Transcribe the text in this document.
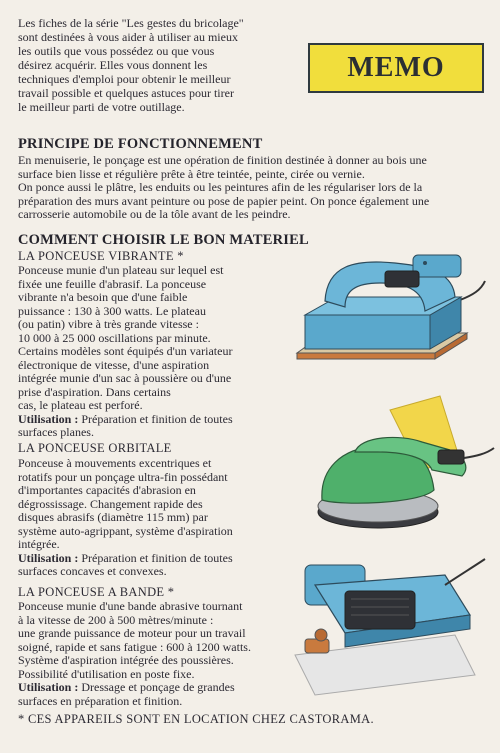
Les fiches de la série "Les gestes du bricolage"
sont destinées à vous aider à utiliser au mieux
les outils que vous possédez ou que vous
désirez acquérir. Elles vous donnent les
techniques d'emploi pour obtenir le meilleur
travail possible et quelques astuces pour tirer
le meilleur parti de votre outillage.
MEMO
PRINCIPE DE FONCTIONNEMENT
En menuiserie, le ponçage est une opération de finition destinée à donner au bois une
surface bien lisse et régulière prête à être teintée, peinte, cirée ou vernie.
On ponce aussi le plâtre, les enduits ou les peintures afin de les régulariser lors de la
préparation des murs avant peinture ou pose de papier peint. On ponce également une
carrosserie automobile ou de la tôle avant de les peindre.
COMMENT CHOISIR LE BON MATERIEL
LA PONCEUSE VIBRANTE *
Ponceuse munie d'un plateau sur lequel est
fixée une feuille d'abrasif. La ponceuse
vibrante n'a besoin que d'une faible
puissance : 130 à 300 watts. Le plateau
(ou patin) vibre à très grande vitesse :
10 000 à 25 000 oscillations par minute.
Certains modèles sont équipés d'un variateur
électronique de vitesse, d'une aspiration
intégrée munie d'un sac à poussière ou d'une
prise d'aspiration. Dans certains
cas, le plateau est perforé.
Utilisation : Préparation et finition de toutes
surfaces planes.
LA PONCEUSE ORBITALE
Ponceuse à mouvements excentriques et
rotatifs pour un ponçage ultra-fin possédant
d'importantes capacités d'abrasion en
dégrossissage. Changement rapide des
disques abrasifs (diamètre 115 mm) par
système auto-agrippant, système d'aspiration
intégrée.
Utilisation : Préparation et finition de toutes
surfaces concaves et convexes.
LA PONCEUSE A BANDE *
Ponceuse munie d'une bande abrasive tournant
à la vitesse de 200 à 500 mètres/minute :
une grande puissance de moteur pour un travail
soigné, rapide et sans fatigue : 600 à 1200 watts.
Système d'aspiration intégrée des poussières.
Possibilité d'utilisation en poste fixe.
Utilisation : Dressage et ponçage de grandes
surfaces en préparation et finition.
* CES APPAREILS SONT EN LOCATION CHEZ CASTORAMA.
